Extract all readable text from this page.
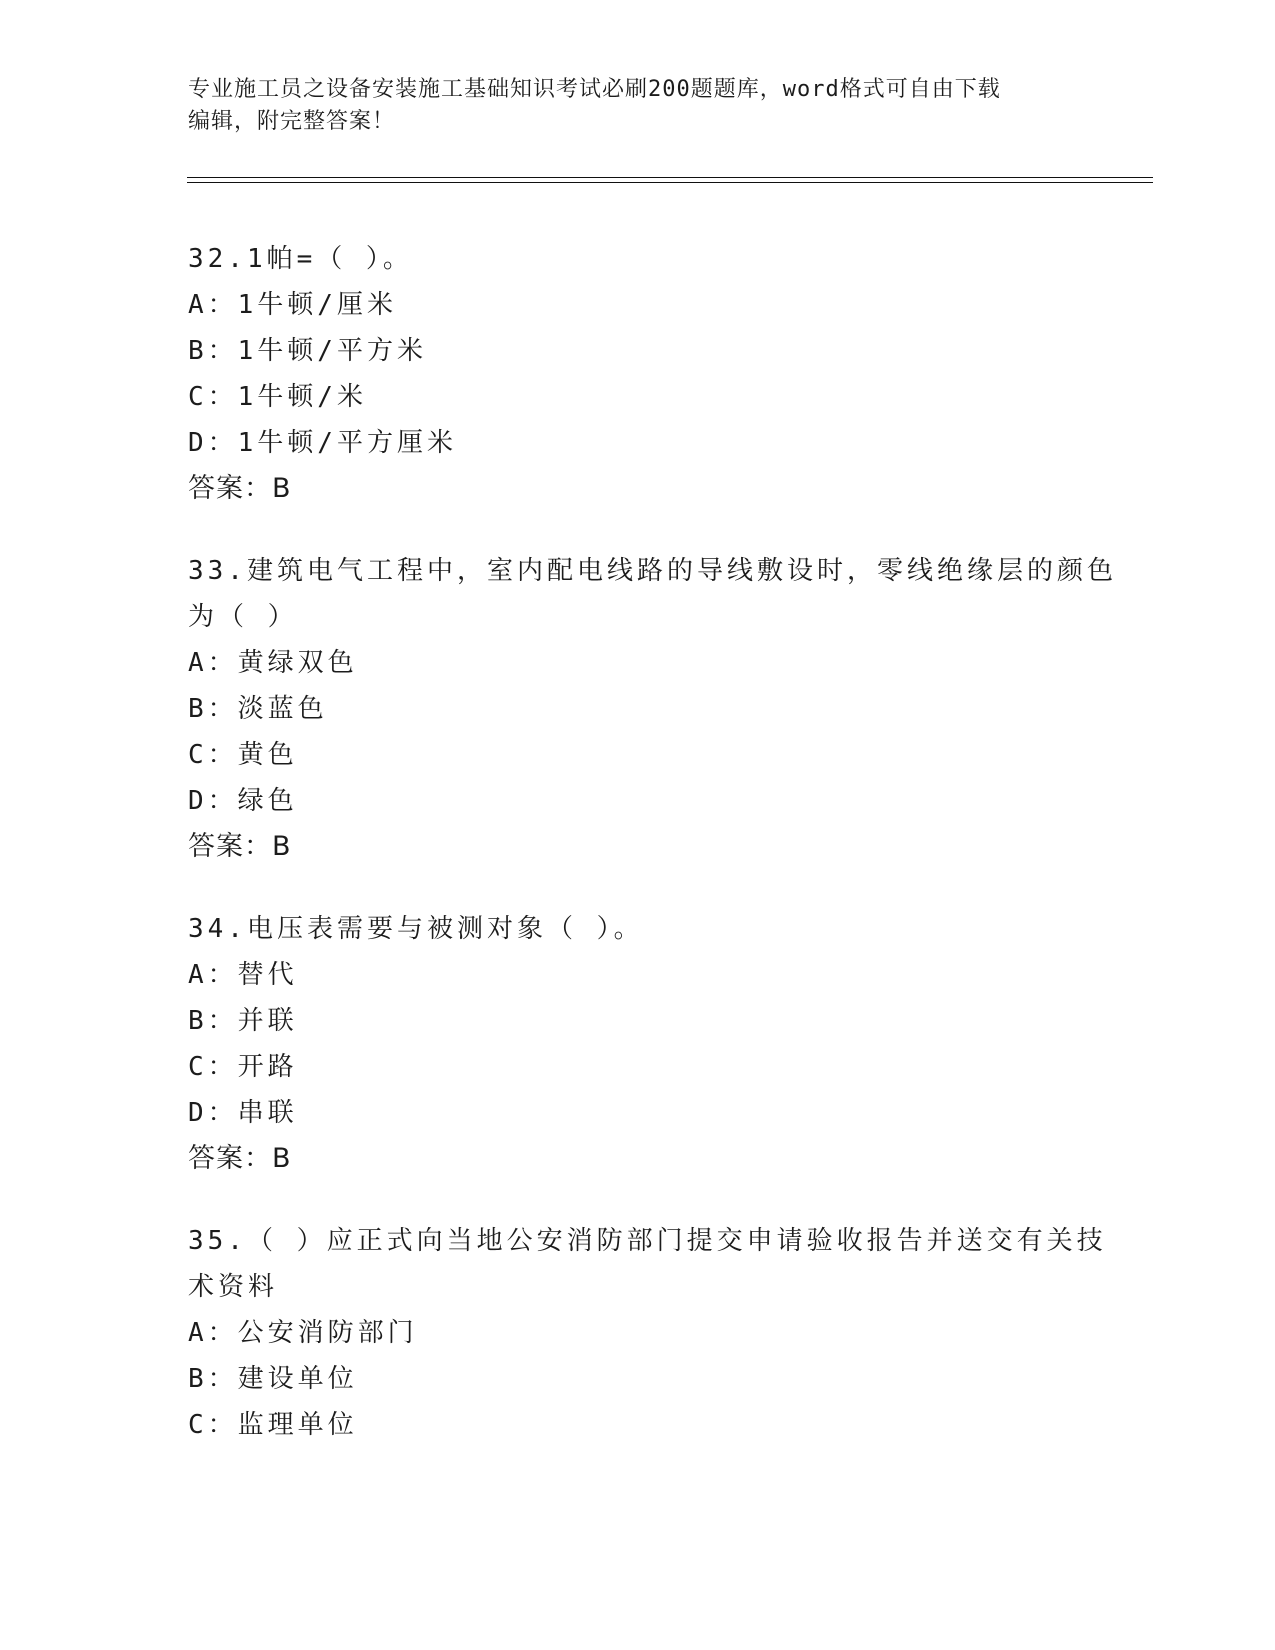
专业施工员之设备安装施工基础知识考试必刷200题题库，word格式可自由下载
编辑，附完整答案！
32.1帕=（ ）。
A：1牛顿/厘米
B：1牛顿/平方米
C：1牛顿/米
D：1牛顿/平方厘米
答案：B
33.建筑电气工程中，室内配电线路的导线敷设时，零线绝缘层的颜色
为（ ）
A：黄绿双色
B：淡蓝色
C：黄色
D：绿色
答案：B
34.电压表需要与被测对象（ ）。
A：替代
B：并联
C：开路
D：串联
答案：B
35.（ ）应正式向当地公安消防部门提交申请验收报告并送交有关技
术资料
A：公安消防部门
B：建设单位
C：监理单位
